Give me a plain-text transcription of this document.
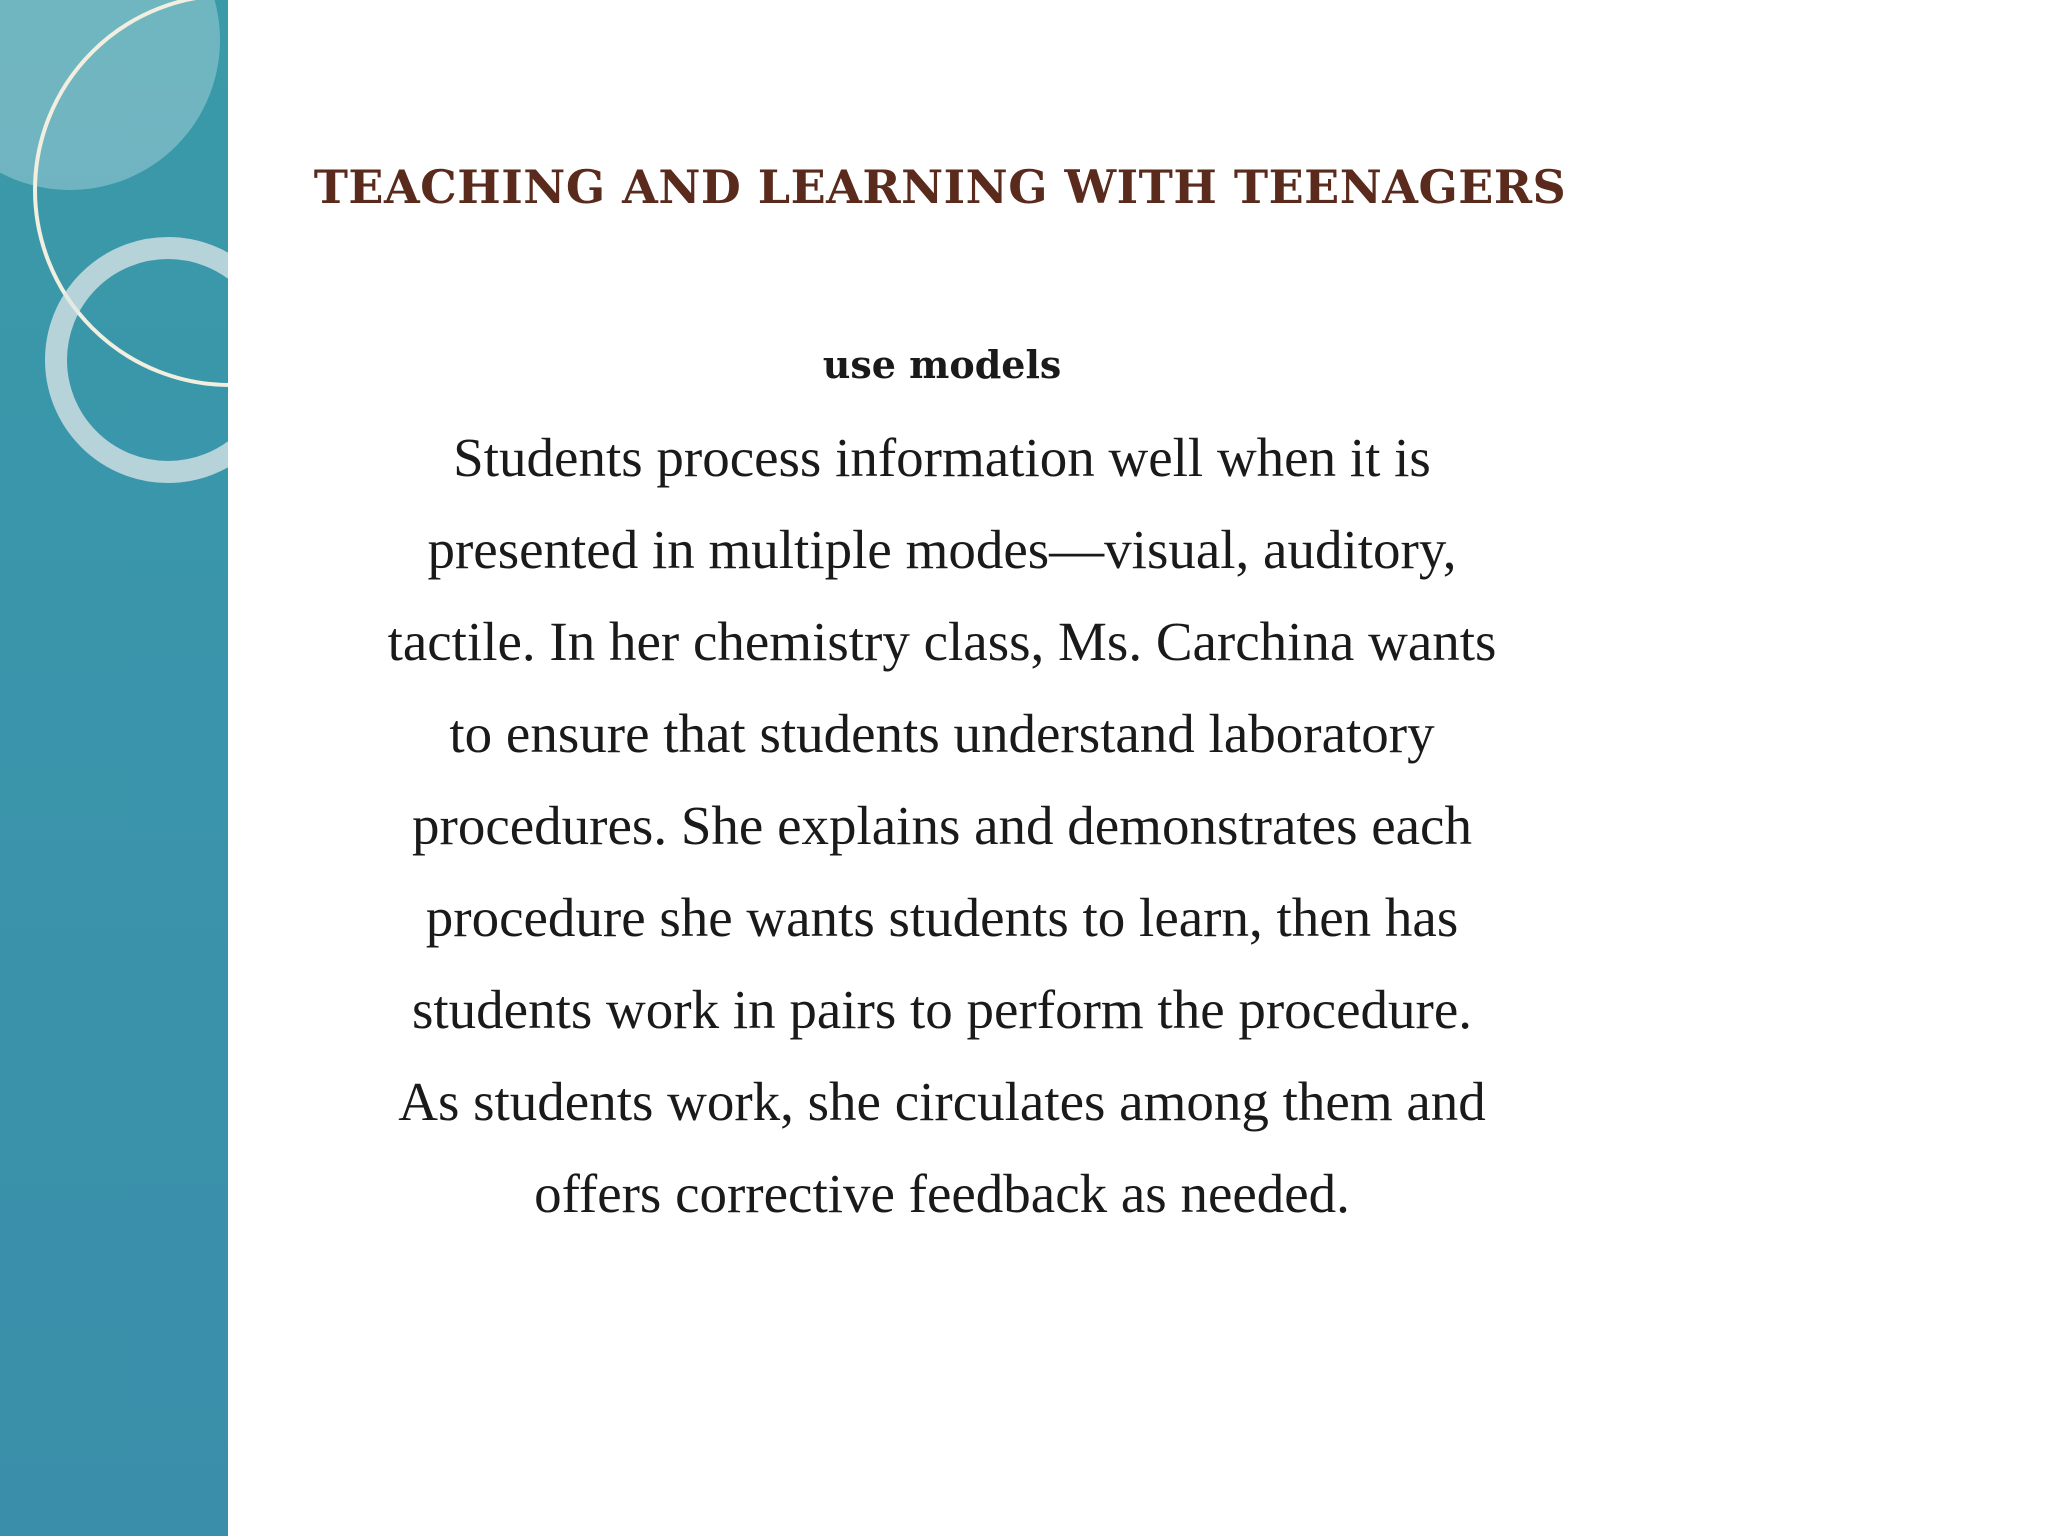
TEACHING AND LEARNING WITH TEENAGERS
use models
Students process information well when it is presented in multiple modes—visual, auditory, tactile. In her chemistry class, Ms. Carchina wants to ensure that students understand laboratory procedures. She explains and demonstrates each procedure she wants students to learn, then has students work in pairs to perform the procedure. As students work, she circulates among them and offers corrective feedback as needed.
